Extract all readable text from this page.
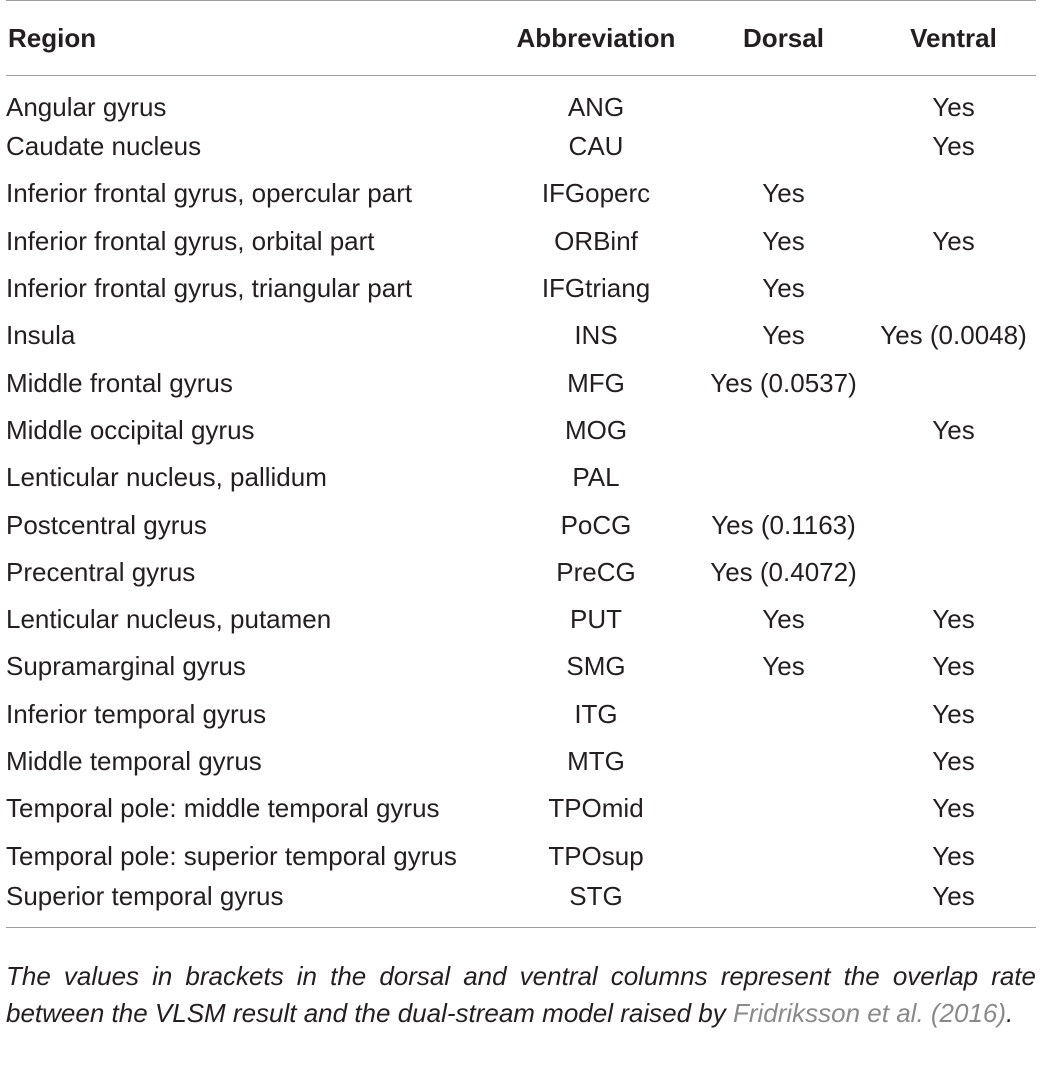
Region	Abbreviation	Dorsal	Ventral
Angular gyrus	ANG		Yes
Caudate nucleus	CAU		Yes
Inferior frontal gyrus, opercular part	IFGoperc	Yes	
Inferior frontal gyrus, orbital part	ORBinf	Yes	Yes
Inferior frontal gyrus, triangular part	IFGtriang	Yes	
Insula	INS	Yes	Yes (0.0048)
Middle frontal gyrus	MFG	Yes (0.0537)	
Middle occipital gyrus	MOG		Yes
Lenticular nucleus, pallidum	PAL		
Postcentral gyrus	PoCG	Yes (0.1163)	
Precentral gyrus	PreCG	Yes (0.4072)	
Lenticular nucleus, putamen	PUT	Yes	Yes
Supramarginal gyrus	SMG	Yes	Yes
Inferior temporal gyrus	ITG		Yes
Middle temporal gyrus	MTG		Yes
Temporal pole: middle temporal gyrus	TPOmid		Yes
Temporal pole: superior temporal gyrus	TPOsup		Yes
Superior temporal gyrus	STG		Yes
The values in brackets in the dorsal and ventral columns represent the overlap rate between the VLSM result and the dual-stream model raised by Fridriksson et al. (2016).
